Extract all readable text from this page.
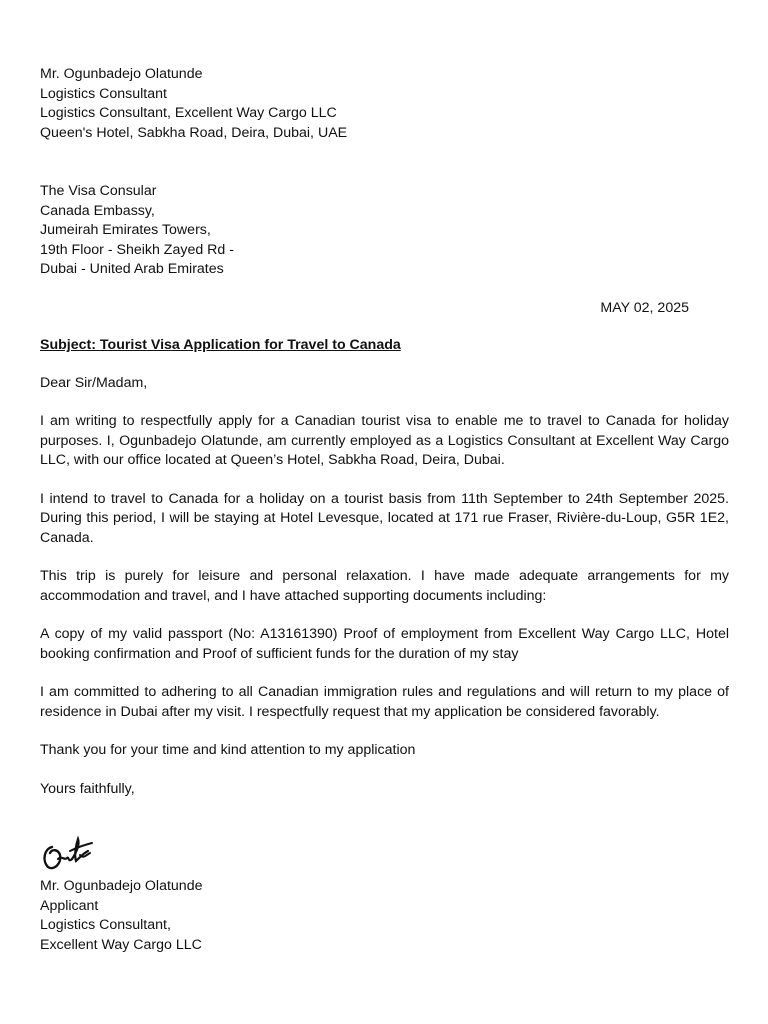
Mr. Ogunbadejo Olatunde
Logistics Consultant
Logistics Consultant, Excellent Way Cargo LLC
Queen's Hotel, Sabkha Road, Deira, Dubai, UAE
The Visa Consular
Canada Embassy,
Jumeirah Emirates Towers,
19th Floor - Sheikh Zayed Rd -
Dubai - United Arab Emirates
MAY 02, 2025
Subject: Tourist Visa Application for Travel to Canada
Dear Sir/Madam,
I am writing to respectfully apply for a Canadian tourist visa to enable me to travel to Canada for holiday purposes. I, Ogunbadejo Olatunde, am currently employed as a Logistics Consultant at Excellent Way Cargo LLC, with our office located at Queen’s Hotel, Sabkha Road, Deira, Dubai.
I intend to travel to Canada for a holiday on a tourist basis from 11th September to 24th September 2025. During this period, I will be staying at Hotel Levesque, located at 171 rue Fraser, Rivière-du-Loup, G5R 1E2, Canada.
This trip is purely for leisure and personal relaxation. I have made adequate arrangements for my accommodation and travel, and I have attached supporting documents including:
A copy of my valid passport (No: A13161390) Proof of employment from Excellent Way Cargo LLC, Hotel booking confirmation and Proof of sufficient funds for the duration of my stay
I am committed to adhering to all Canadian immigration rules and regulations and will return to my place of residence in Dubai after my visit. I respectfully request that my application be considered favorably.
Thank you for your time and kind attention to my application
Yours faithfully,
Mr. Ogunbadejo Olatunde
Applicant
Logistics Consultant,
Excellent Way Cargo LLC
